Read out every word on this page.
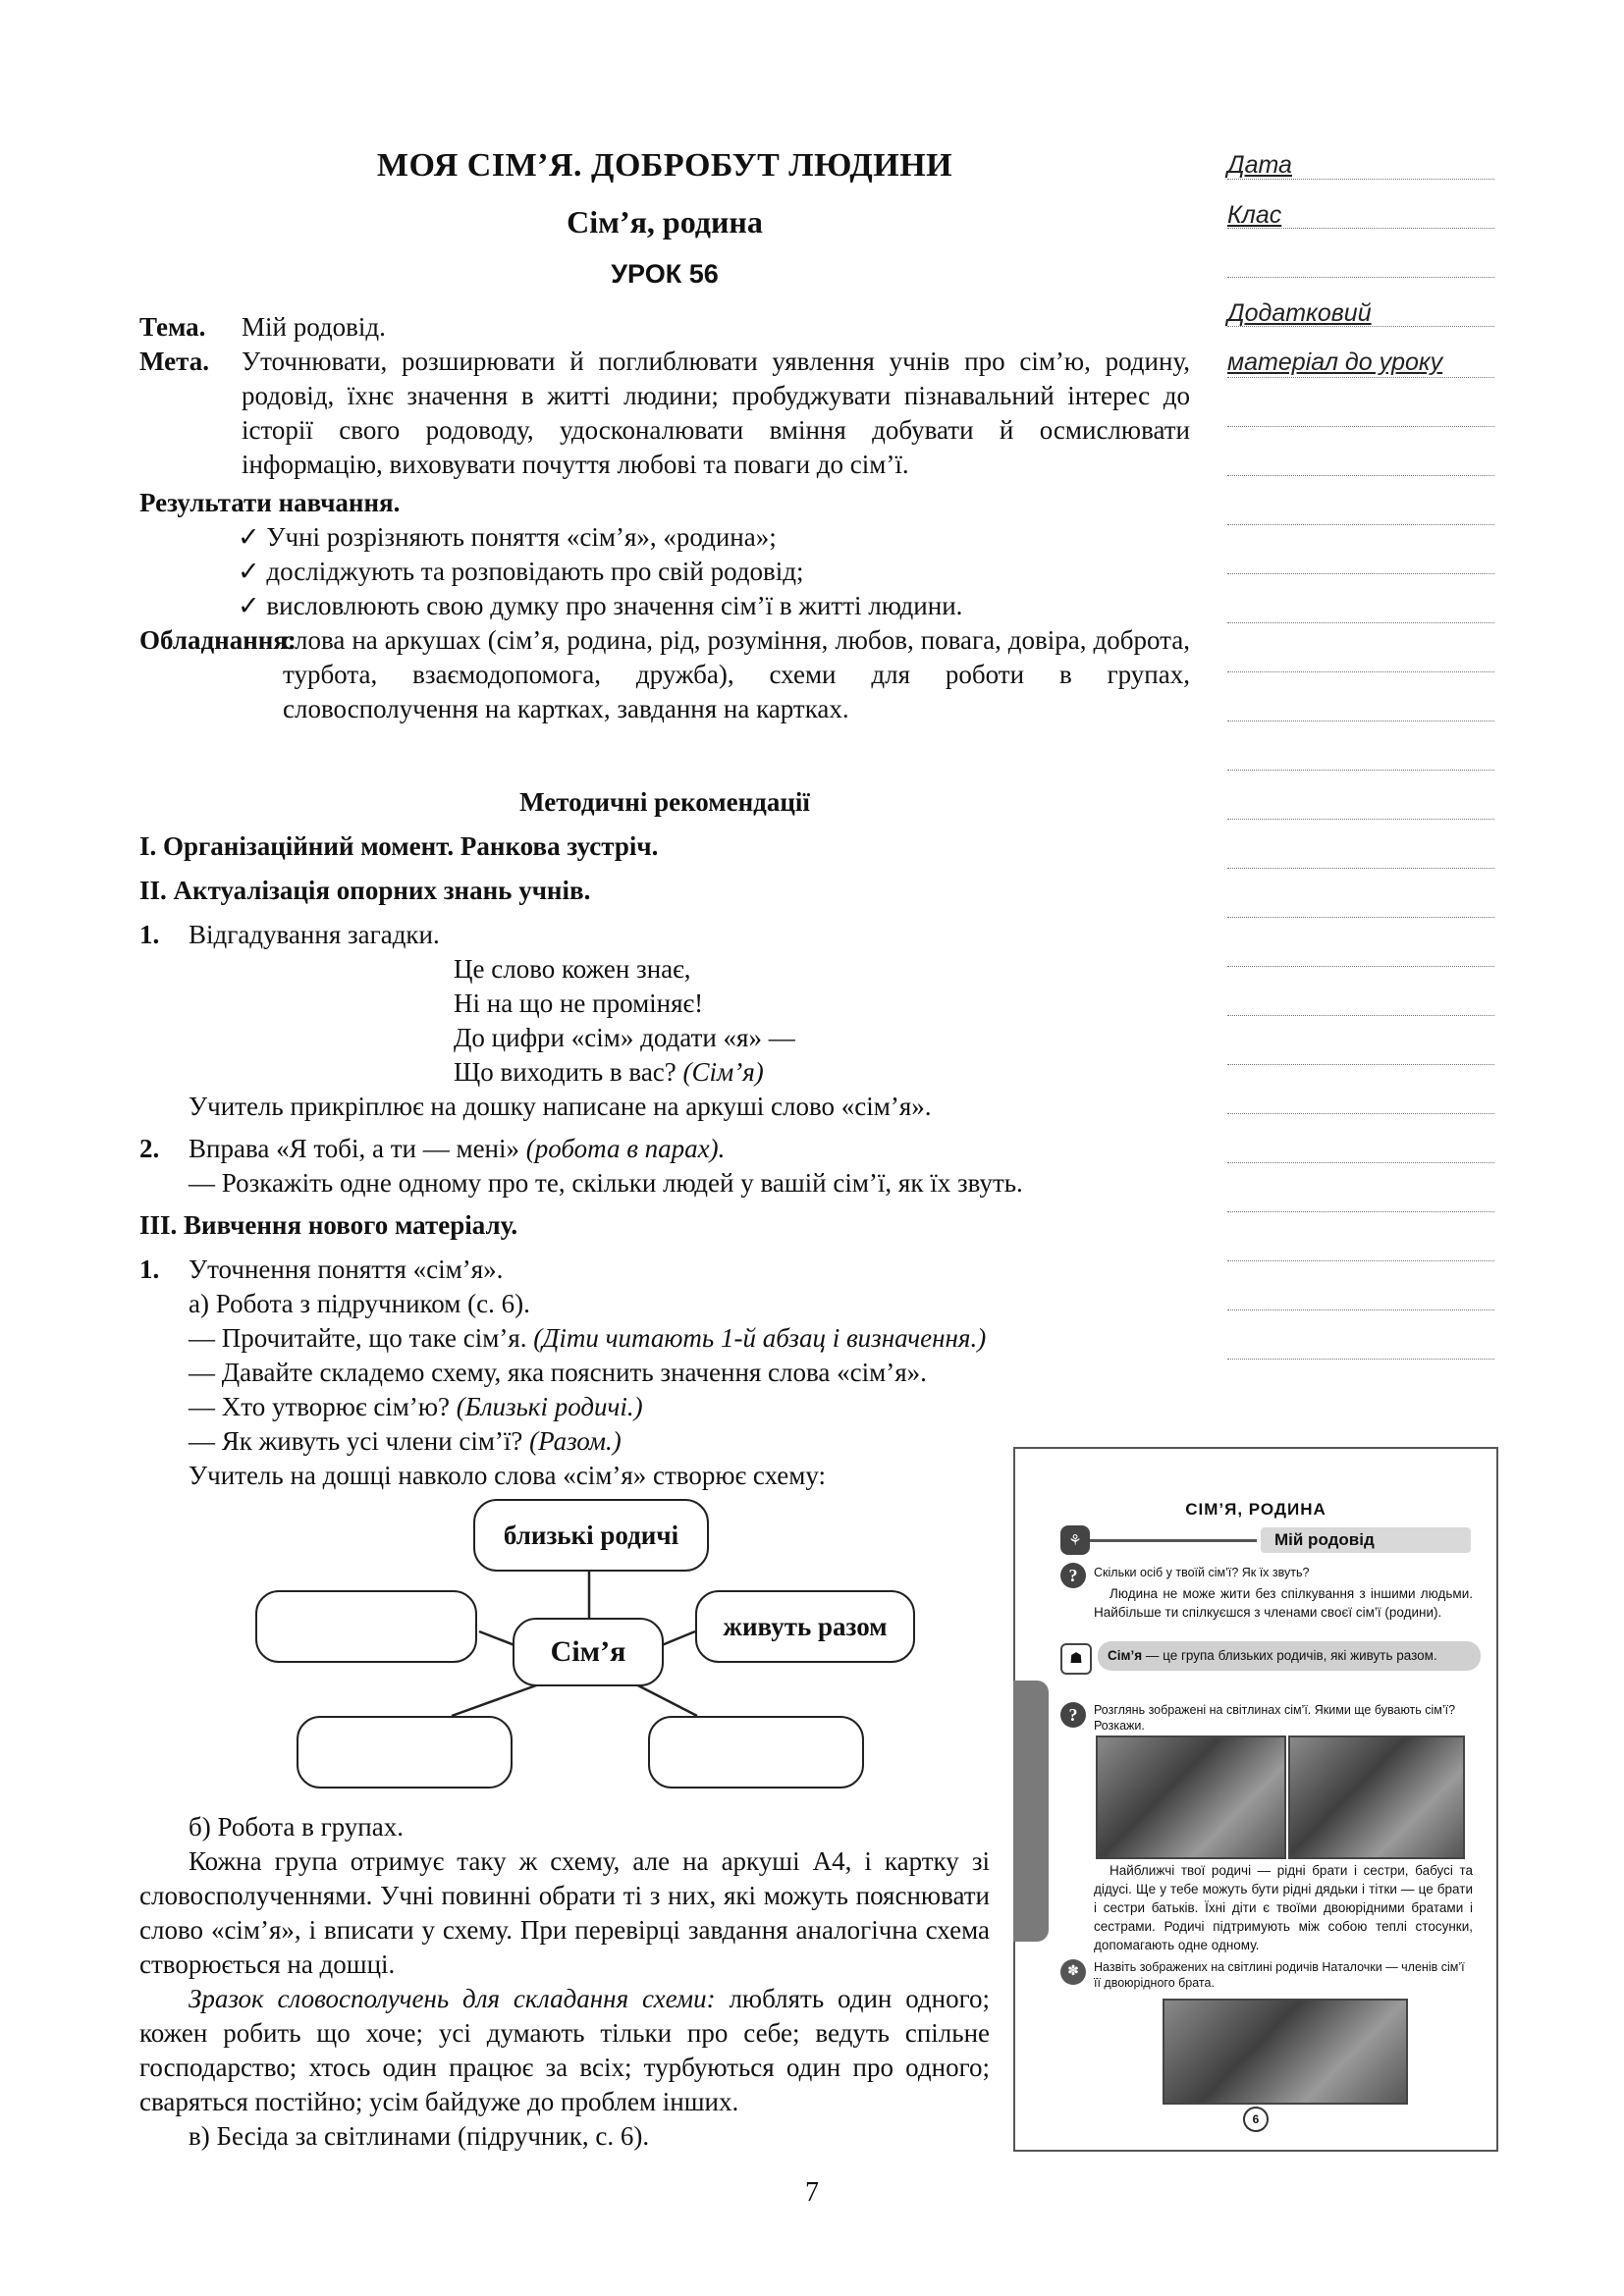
МОЯ СІМ’Я. ДОБРОБУТ ЛЮДИНИ
Сім’я, родина
УРОК 56
Дата
Клас
Додатковий
матеріал до уроку
Тема.	Мій родовід.
Мета.	Уточнювати, розширювати й поглиблювати уявлення учнів про сім’ю, родину, родовід, їхнє значення в житті людини; пробуджувати пізнавальний інтерес до історії свого родоводу, удосконалювати вміння добувати й осмислювати інформацію, виховувати почуття любові та поваги до сім’ї.
Результати навчання.
✓ Учні розрізняють поняття «сім’я», «родина»;
✓ досліджують та розповідають про свій родовід;
✓ висловлюють свою думку про значення сім’ї в житті людини.
Обладнання:
слова на аркушах (сім’я, родина, рід, розуміння, любов, повага, довіра, доброта, турбота, взаємодопомога, дружба), схеми для роботи в групах, словосполучення на картках, завдання на картках.
Методичні рекомендації
I. Організаційний момент. Ранкова зустріч.
II. Актуалізація опорних знань учнів.
1. Відгадування загадки.
Це слово кожен знає,
Ні на що не проміняє!
До цифри «сім» додати «я» —
Що виходить в вас? (Сім’я)
Учитель прикріплює на дошку написане на аркуші слово «сім’я».
2. Вправа «Я тобі, а ти — мені» (робота в парах).
— Розкажіть одне одному про те, скільки людей у вашій сім’ї, як їх звуть.
III. Вивчення нового матеріалу.
1. Уточнення поняття «сім’я».
а) Робота з підручником (с. 6).
— Прочитайте, що таке сім’я. (Діти читають 1-й абзац і визначення.)
— Давайте складемо схему, яка пояснить значення слова «сім’я».
— Хто утворює сім’ю? (Близькі родичі.)
— Як живуть усі члени сім’ї? (Разом.)
Учитель на дошці навколо слова «сім’я» створює схему:
близькі родичі
живуть разом
Сім’я
б) Робота в групах.
Кожна група отримує таку ж схему, але на аркуші А4, і картку зі словосполученнями. Учні повинні обрати ті з них, які можуть пояснювати слово «сім’я», і вписати у схему. При перевірці завдання аналогічна схема створюється на дошці.
Зразок словосполучень для складання схеми: люблять один одного; кожен робить що хоче; усі думають тільки про себе; ведуть спільне господарство; хтось один працює за всіх; турбуються один про одного; сваряться постійно; усім байдуже до проблем інших.
в) Бесіда за світлинами (підручник, с. 6).
СІМ’Я, РОДИНА
⚘	Мій родовід
?	Скільки осіб у твоїй сім’ї? Як їх звуть?
Людина не може жити без спілкування з іншими людьми. Найбільше ти спілкуєшся з членами своєї сім’ї (родини).
☗	Сім’я — це група близьких родичів, які живуть разом.
?	Розглянь зображені на світлинах сім’ї. Якими ще бувають сім’ї? Розкажи.
Найближчі твої родичі — рідні брати і сестри, бабусі та дідусі. Ще у тебе можуть бути рідні дядьки і тітки — це брати і сестри батьків. Їхні діти є твоїми двоюрідними братами і сестрами. Родичі підтримують між собою теплі стосунки, допомагають одне одному.
✽	Назвіть зображених на світлині родичів Наталочки — членів сім’ї її двоюрідного брата.
6
7
